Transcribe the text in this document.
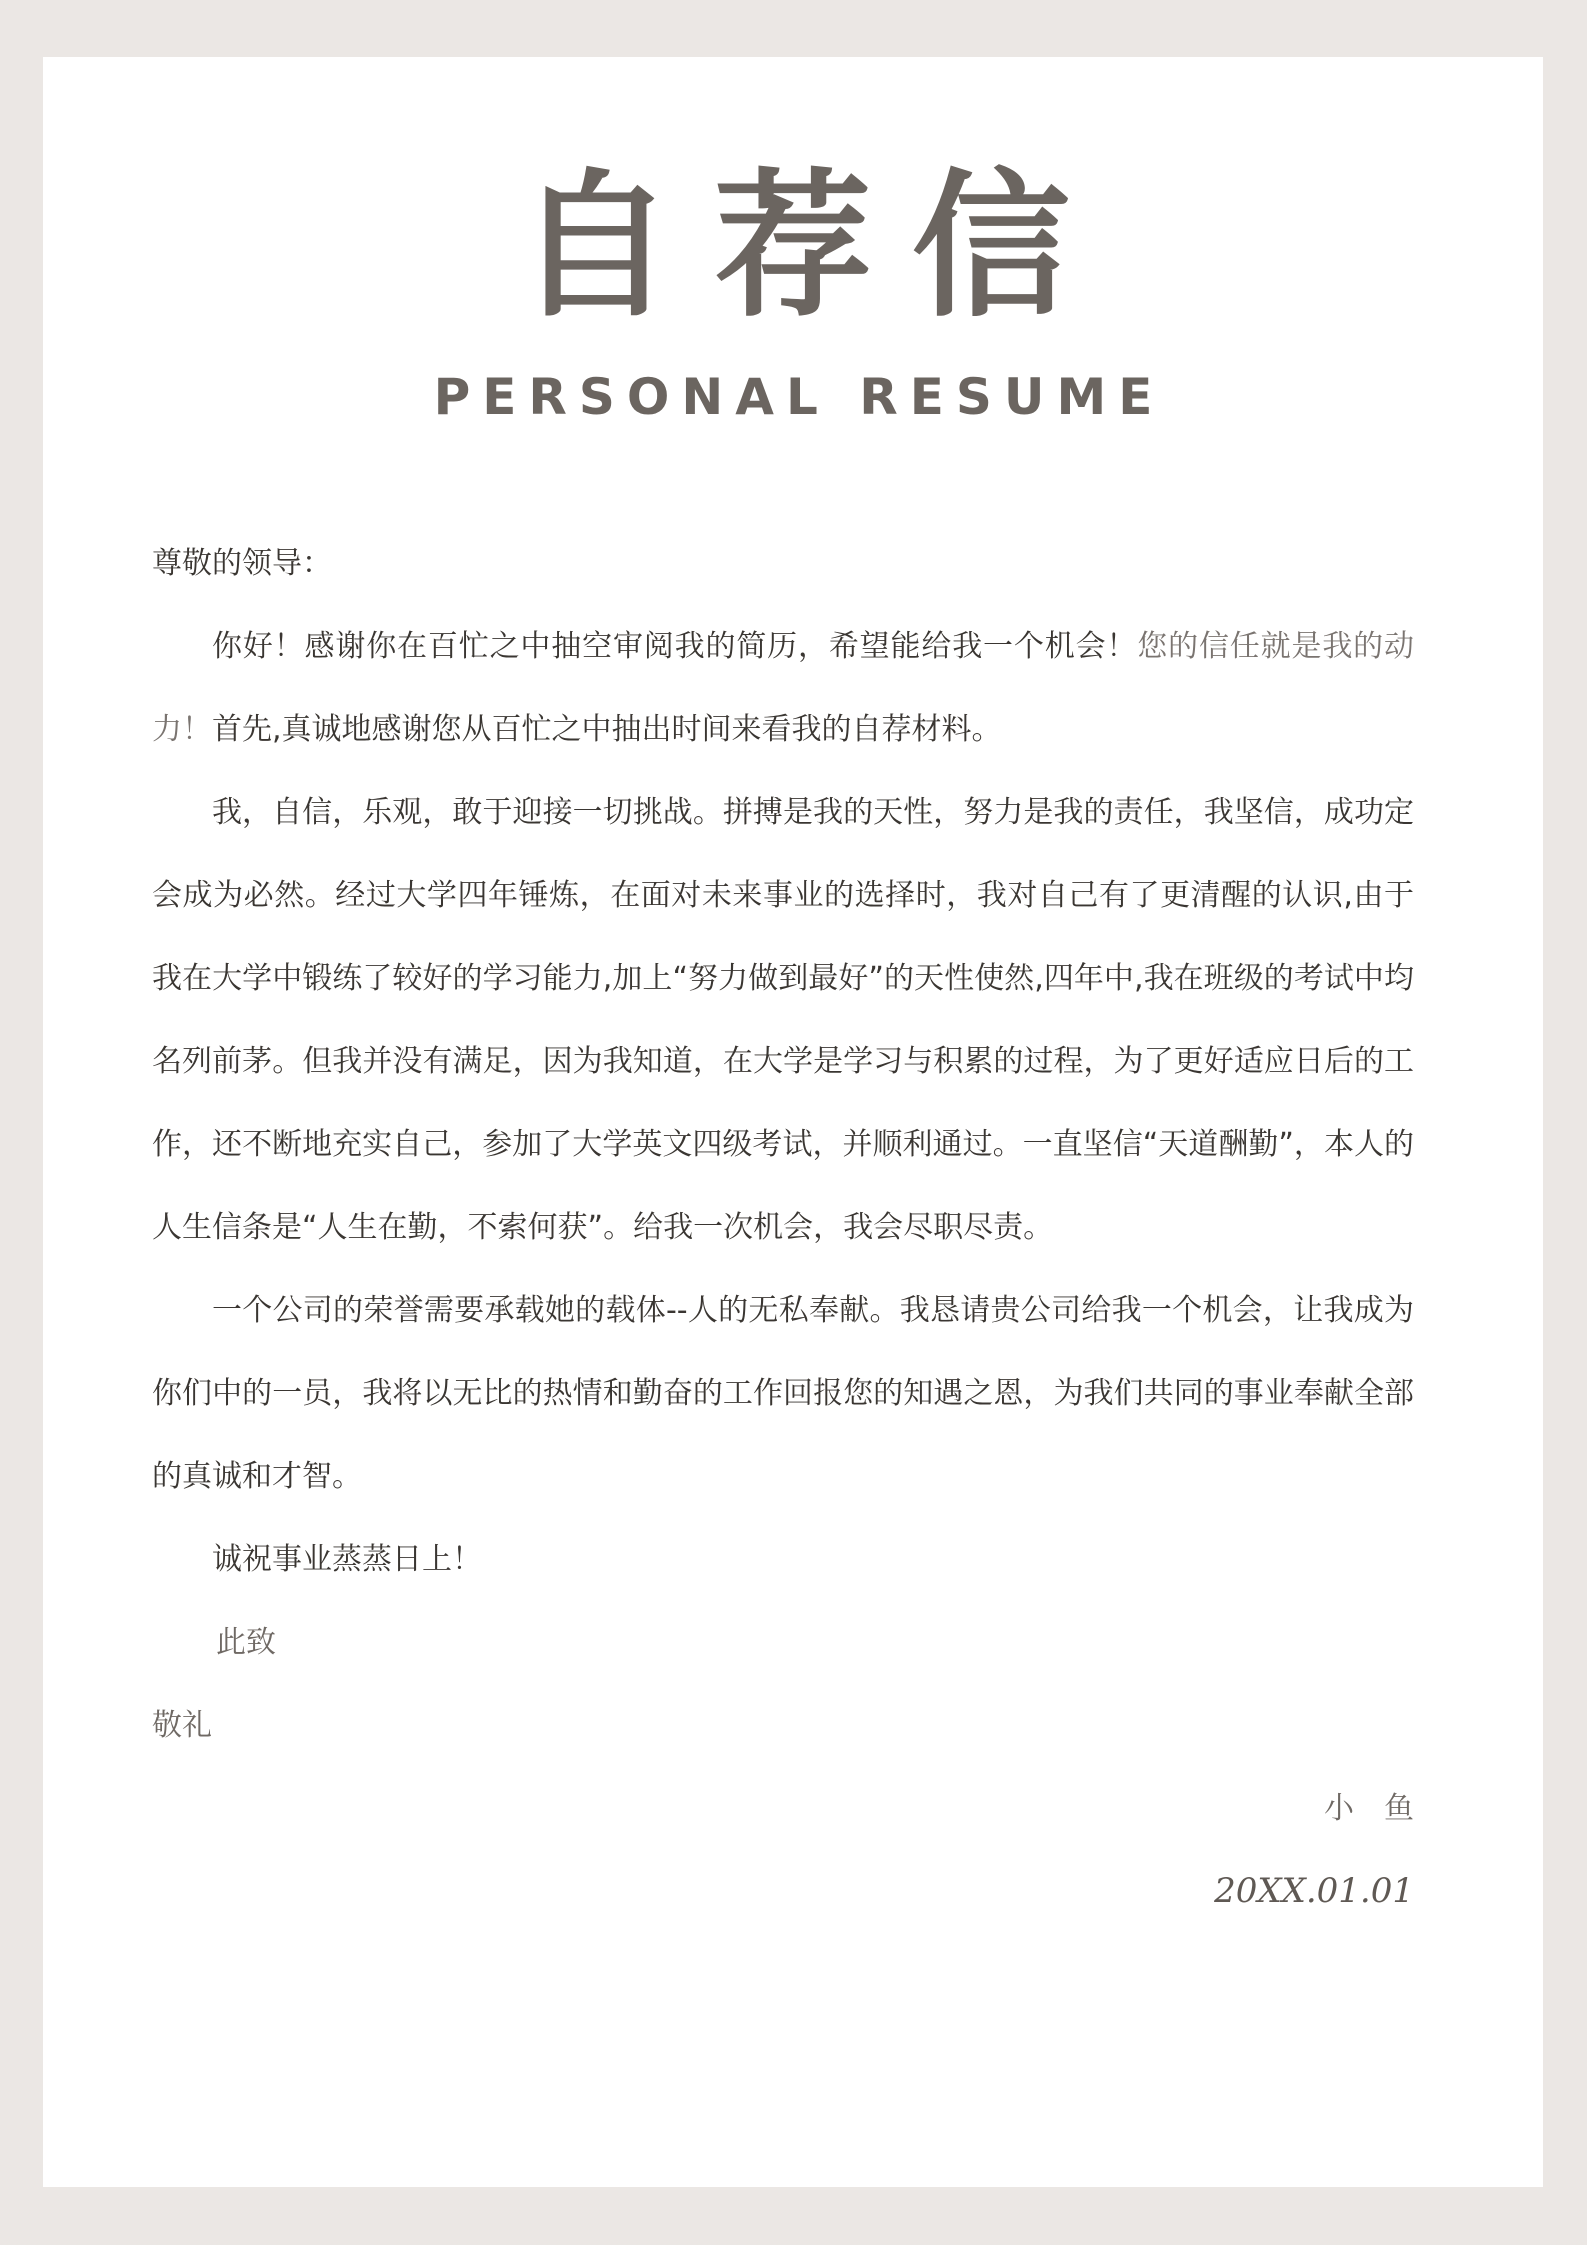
自荐信
PERSONAL RESUME

尊敬的领导：

你好！感谢你在百忙之中抽空审阅我的简历，希望能给我一个机会！您的信任就是我的动力！首先,真诚地感谢您从百忙之中抽出时间来看我的自荐材料。

我，自信，乐观，敢于迎接一切挑战。拼搏是我的天性，努力是我的责任，我坚信，成功定会成为必然。经过大学四年锤炼，在面对未来事业的选择时，我对自己有了更清醒的认识,由于我在大学中锻练了较好的学习能力,加上“努力做到最好”的天性使然,四年中,我在班级的考试中均名列前茅。但我并没有满足，因为我知道，在大学是学习与积累的过程，为了更好适应日后的工作，还不断地充实自己，参加了大学英文四级考试，并顺利通过。一直坚信“天道酬勤”，本人的人生信条是“人生在勤，不索何获”。给我一次机会，我会尽职尽责。

一个公司的荣誉需要承载她的载体--人的无私奉献。我恳请贵公司给我一个机会，让我成为你们中的一员，我将以无比的热情和勤奋的工作回报您的知遇之恩，为我们共同的事业奉献全部的真诚和才智。

诚祝事业蒸蒸日上！

此致

敬礼

小鱼

20XX.01.01
